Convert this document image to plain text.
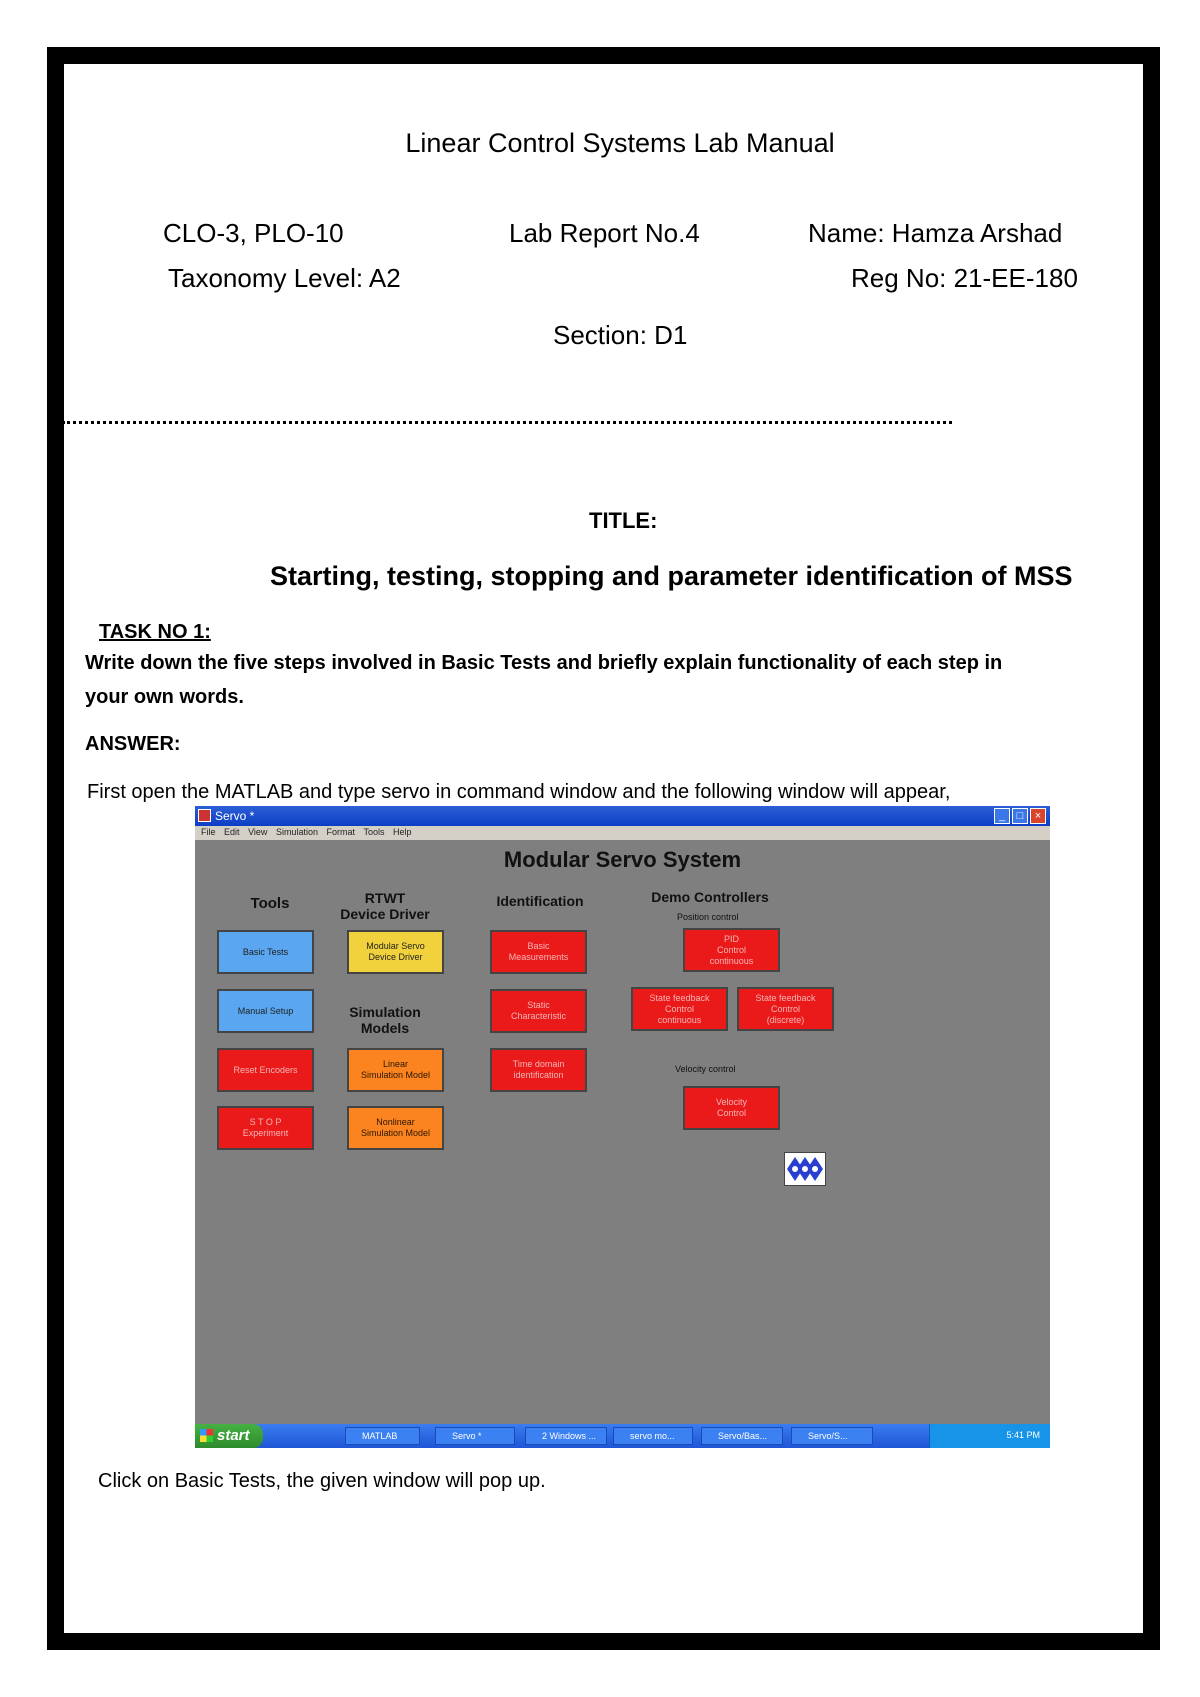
Linear Control Systems Lab Manual
CLO-3, PLO-10	Lab Report No.4	Name: Hamza Arshad
Taxonomy Level: A2	Reg No: 21-EE-180
Section: D1
TITLE:
Starting, testing, stopping and parameter identification of MSS
TASK NO 1:
Write down the five steps involved in Basic Tests and briefly explain functionality of each step in
your own words.
ANSWER:
First open the MATLAB and type servo in command window and the following window will appear,
Servo *	_	□	×
File Edit View Simulation Format Tools Help
Modular Servo System
Tools	RTWT
Device Driver
Identification	Demo Controllers
Simulation
Models
Position control
Velocity control
Basic Tests
Manual Setup
Reset Encoders
S T O P
Experiment
Modular Servo
Device Driver
Linear
Simulation Model
Nonlinear
Simulation Model
Basic
Measurements
Static
Characteristic
Time domain
identification
PID
Control
continuous
State feedback
Control
continuous
State feedback
Control
(discrete)
Velocity
Control
start	MATLAB	Servo *	2 Windows ...	servo mo...	Servo/Bas...	Servo/S...	5:41 PM
Click on Basic Tests, the given window will pop up.
